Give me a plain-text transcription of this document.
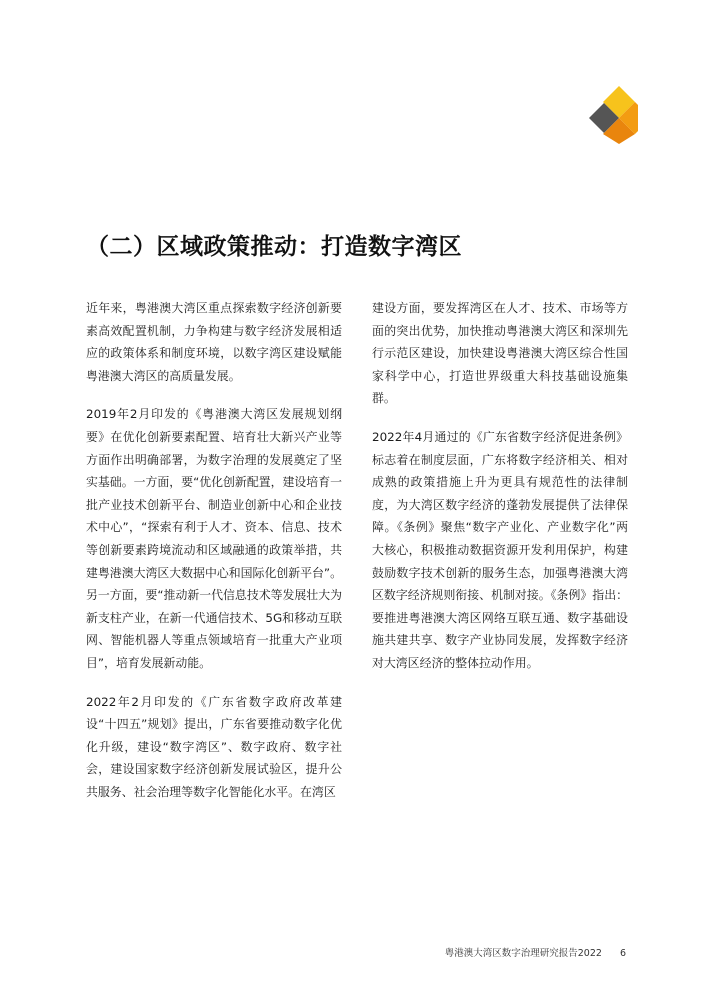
（二）区域政策推动：打造数字湾区

近年来，粤港澳大湾区重点探索数字经济创新要素高效配置机制，力争构建与数字经济发展相适应的政策体系和制度环境，以数字湾区建设赋能粤港澳大湾区的高质量发展。

2019年2月印发的《粤港澳大湾区发展规划纲要》在优化创新要素配置、培育壮大新兴产业等方面作出明确部署，为数字治理的发展奠定了坚实基础。一方面，要“优化创新配置，建设培育一批产业技术创新平台、制造业创新中心和企业技术中心”，“探索有利于人才、资本、信息、技术等创新要素跨境流动和区域融通的政策举措，共建粤港澳大湾区大数据中心和国际化创新平台”。另一方面，要“推动新一代信息技术等发展壮大为新支柱产业，在新一代通信技术、5G和移动互联网、智能机器人等重点领域培育一批重大产业项目”，培育发展新动能。

2022年2月印发的《广东省数字政府改革建设“十四五”规划》提出，广东省要推动数字化优化升级，建设“数字湾区”、数字政府、数字社会，建设国家数字经济创新发展试验区，提升公共服务、社会治理等数字化智能化水平。在湾区

建设方面，要发挥湾区在人才、技术、市场等方面的突出优势，加快推动粤港澳大湾区和深圳先行示范区建设，加快建设粤港澳大湾区综合性国家科学中心，打造世界级重大科技基础设施集群。

2022年4月通过的《广东省数字经济促进条例》标志着在制度层面，广东将数字经济相关、相对成熟的政策措施上升为更具有规范性的法律制度，为大湾区数字经济的蓬勃发展提供了法律保障。《条例》聚焦“数字产业化、产业数字化”两大核心，积极推动数据资源开发利用保护，构建鼓励数字技术创新的服务生态，加强粤港澳大湾区数字经济规则衔接、机制对接。《条例》指出：要推进粤港澳大湾区网络互联互通、数字基础设施共建共享、数字产业协同发展，发挥数字经济对大湾区经济的整体拉动作用。

粤港澳大湾区数字治理研究报告2022 6
